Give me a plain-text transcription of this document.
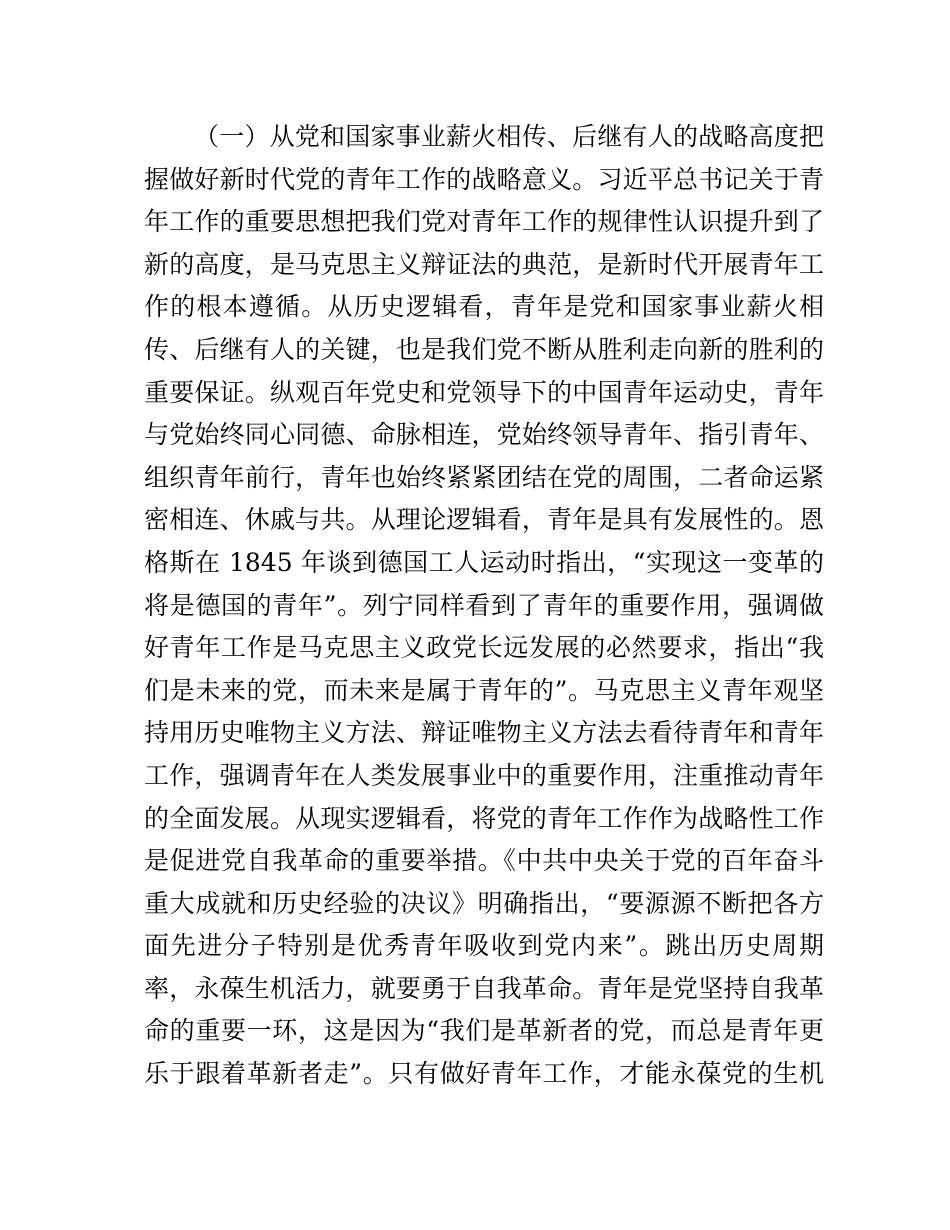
（一）从党和国家事业薪火相传、后继有人的战略高度把
握做好新时代党的青年工作的战略意义。习近平总书记关于青
年工作的重要思想把我们党对青年工作的规律性认识提升到了
新的高度，是马克思主义辩证法的典范，是新时代开展青年工
作的根本遵循。从历史逻辑看，青年是党和国家事业薪火相
传、后继有人的关键，也是我们党不断从胜利走向新的胜利的
重要保证。纵观百年党史和党领导下的中国青年运动史，青年
与党始终同心同德、命脉相连，党始终领导青年、指引青年、
组织青年前行，青年也始终紧紧团结在党的周围，二者命运紧
密相连、休戚与共。从理论逻辑看，青年是具有发展性的。恩
格斯在 1845 年谈到德国工人运动时指出，“实现这一变革的
将是德国的青年”。列宁同样看到了青年的重要作用，强调做
好青年工作是马克思主义政党长远发展的必然要求，指出“我
们是未来的党，而未来是属于青年的”。马克思主义青年观坚
持用历史唯物主义方法、辩证唯物主义方法去看待青年和青年
工作，强调青年在人类发展事业中的重要作用，注重推动青年
的全面发展。从现实逻辑看，将党的青年工作作为战略性工作
是促进党自我革命的重要举措。《中共中央关于党的百年奋斗
重大成就和历史经验的决议》明确指出，“要源源不断把各方
面先进分子特别是优秀青年吸收到党内来”。跳出历史周期
率，永葆生机活力，就要勇于自我革命。青年是党坚持自我革
命的重要一环，这是因为“我们是革新者的党，而总是青年更
乐于跟着革新者走”。只有做好青年工作，才能永葆党的生机
